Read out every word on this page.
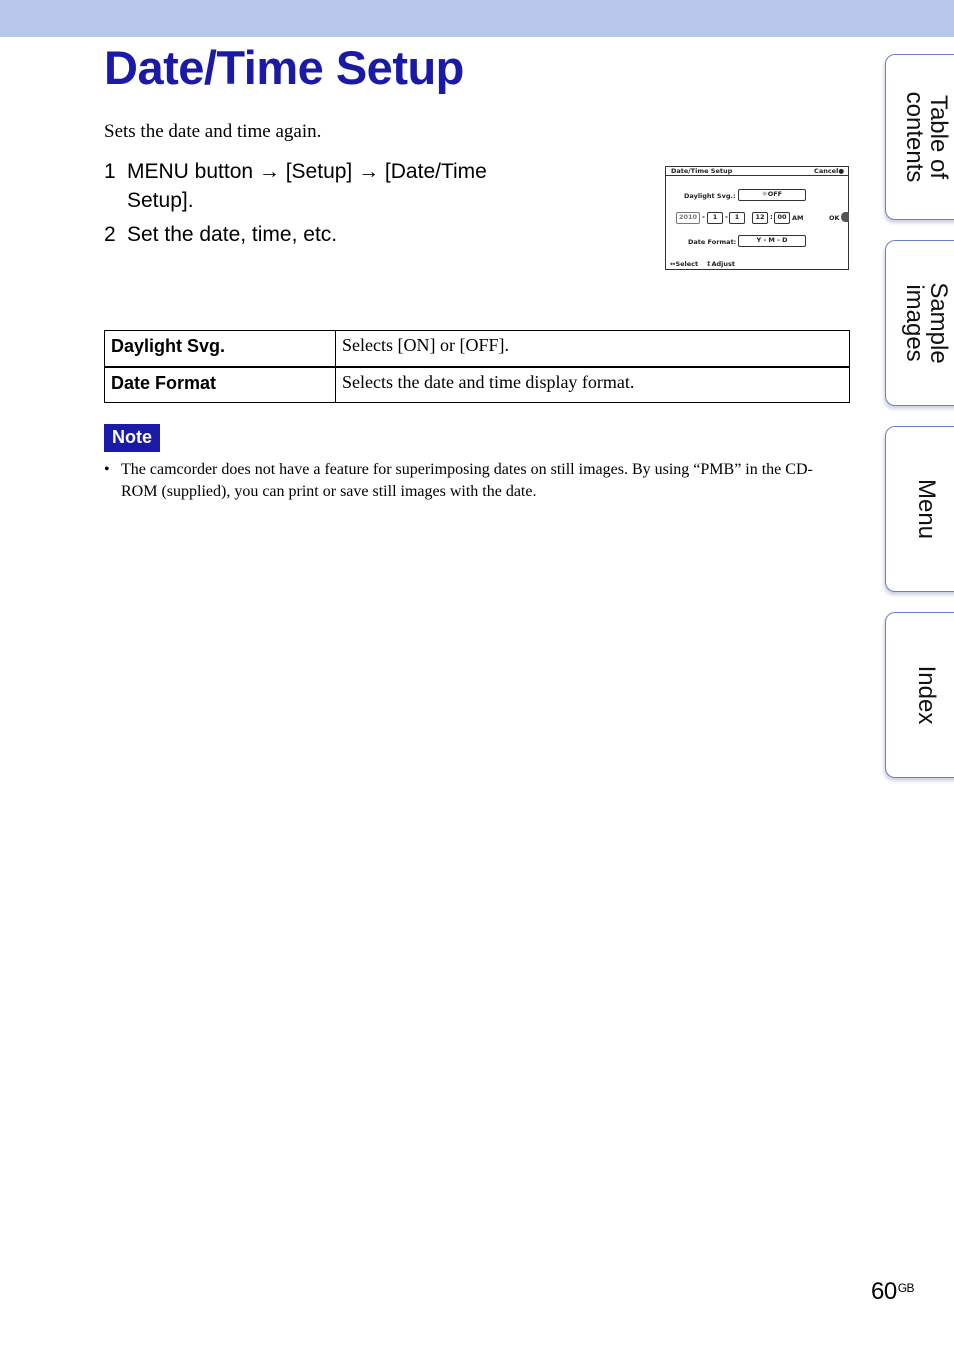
Date/Time Setup

Sets the date and time again.

1 MENU button → [Setup] → [Date/Time Setup].
2 Set the date, time, etc.
Date/Time Setup	Cancel●
Daylight Svg.:	☼OFF
2010 -	1	-	1	12 : 00 AM	OK
Date Format:	Y - M - D
↔Select ↕Adjust
Daylight Svg.	Selects [ON] or [OFF].
Date Format	Selects the date and time display format.
Note
• The camcorder does not have a feature for superimposing dates on still images. By using “PMB” in the CD-ROM (supplied), you can print or save still images with the date.

Table of
contents
Sample
images
Menu
Index
$60^{GB}$
